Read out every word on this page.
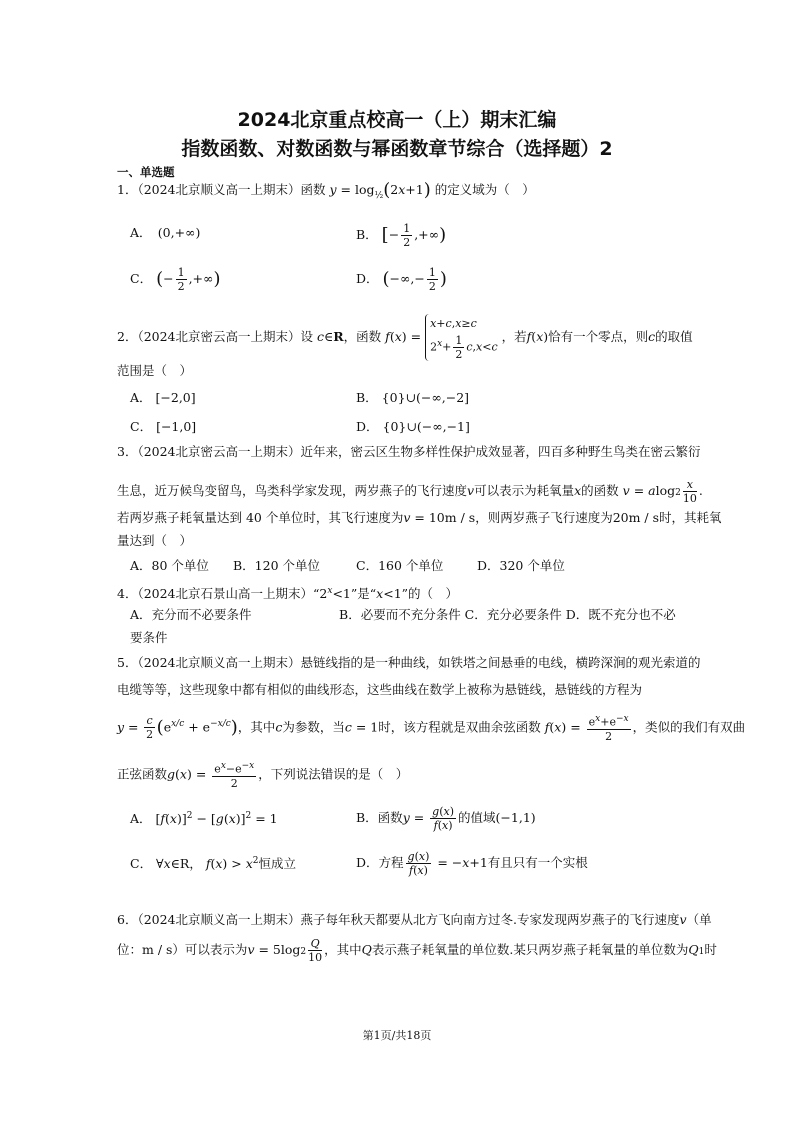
2024北京重点校高一（上）期末汇编
指数函数、对数函数与幂函数章节综合（选择题）2
一、单选题
1．（2024北京顺义高一上期末）函数 $y = \log_{\frac{1}{2}}(2x+1)$ 的定义域为（　）
A．　(0,+∞)	B． [− $\frac{1}{2}$ ,+∞)
C． (− $\frac{1}{2}$ ,+∞)	D． (−∞,− $\frac{1}{2}$ )
2．（2024北京密云高一上期末）设 c∈R，函数 f(x) = x+c,x≥c
$2^x+ \frac{1}{2} c,x<c$ ，若f(x)恰有一个零点，则c的取值
范围是（　）
A． [−2,0]	B． {0}∪(−∞,−2]
C． [−1,0]	D． {0}∪(−∞,−1]
3．（2024北京密云高一上期末）近年来，密云区生物多样性保护成效显著，四百多种野生鸟类在密云繁衍
生息，近万候鸟变留鸟，鸟类科学家发现，两岁燕子的飞行速度v可以表示为耗氧量x的函数 $v = alog2 \frac{x}{10}$ .
若两岁燕子耗氧量达到 40 个单位时，其飞行速度为v = 10m / s，则两岁燕子飞行速度为20m / s时，其耗氧
量达到（　）
A．80 个单位 B．120 个单位	C．160 个单位	D．320 个单位
4．（2024北京石景山高一上期末）“$2^x<1$”是“x<1”的（　）
A．充分而不必要条件　　　　　　　B．必要而不充分条件 C．充分必要条件 D．既不充分也不必
要条件
5．（2024北京顺义高一上期末）悬链线指的是一种曲线，如铁塔之间悬垂的电线，横跨深涧的观光索道的
电缆等等，这些现象中都有相似的曲线形态，这些曲线在数学上被称为悬链线，悬链线的方程为
$y = \frac{c}{2} (e^{x/c} + e^{-x/c})$，其中c为参数，当c = 1时，该方程就是双曲余弦函数 $f(x) = \frac{e^x+e^{-x}}{2}$ ，类似的我们有双曲
正弦函数$g(x) = \frac{e^x-e^{-x}}{2}$ ，下列说法错误的是（　）
A． $[f(x)]^2 - [g(x)]^2 = 1$	B．函数$y = \frac{g(x)}{f(x)}$ 的值域(−1,1)
C． ∀x∈R， $f(x) > x^2$恒成立	D．方程 $\frac{g(x)}{f(x)} = -x+1$有且只有一个实根
6．（2024北京顺义高一上期末）燕子每年秋天都要从北方飞向南方过冬.专家发现两岁燕子的飞行速度v（单
位：m / s）可以表示为$v = 5\log 2 \frac{Q}{10}$ ，其中Q表示燕子耗氧量的单位数.某只两岁燕子耗氧量的单位数为Q1时
第1页/共18页
